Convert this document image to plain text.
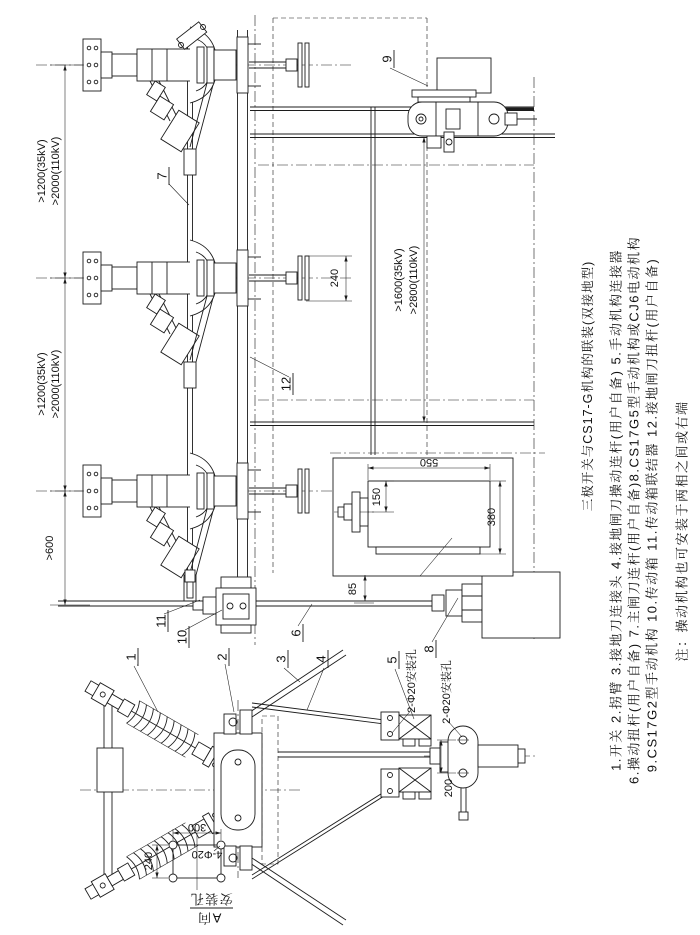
三极开关与CS17-G机构的联装(双接地型) 1.开关 2.拐臂 3.接地刀连接头 4.接地闸刀操动连杆(用户自备) 5.手动机构连接器 6.操动扭杆(用户自备) 7.主闸刀连杆(用户自备)8.CS17G5型手动机构或CJ6电动机构 9.CS17G2型手动机构 10.传动箱 11.传动箱联结器 12.接地闸刀扭杆(用户自备) 注：操动机构也可安装于两相之间或右端
>1200(35kV) >2000(110kV)
>1200(35kV) >2000(110kV)
>600
>1600(35kV) >2800(110kV)
240
550
150
380
85
200
300
240	4-Φ20
2-Φ20安装孔 2-Φ20安装孔
安装孔
A向
1	2	3 4	5
6
7
8
9
10
11
12
